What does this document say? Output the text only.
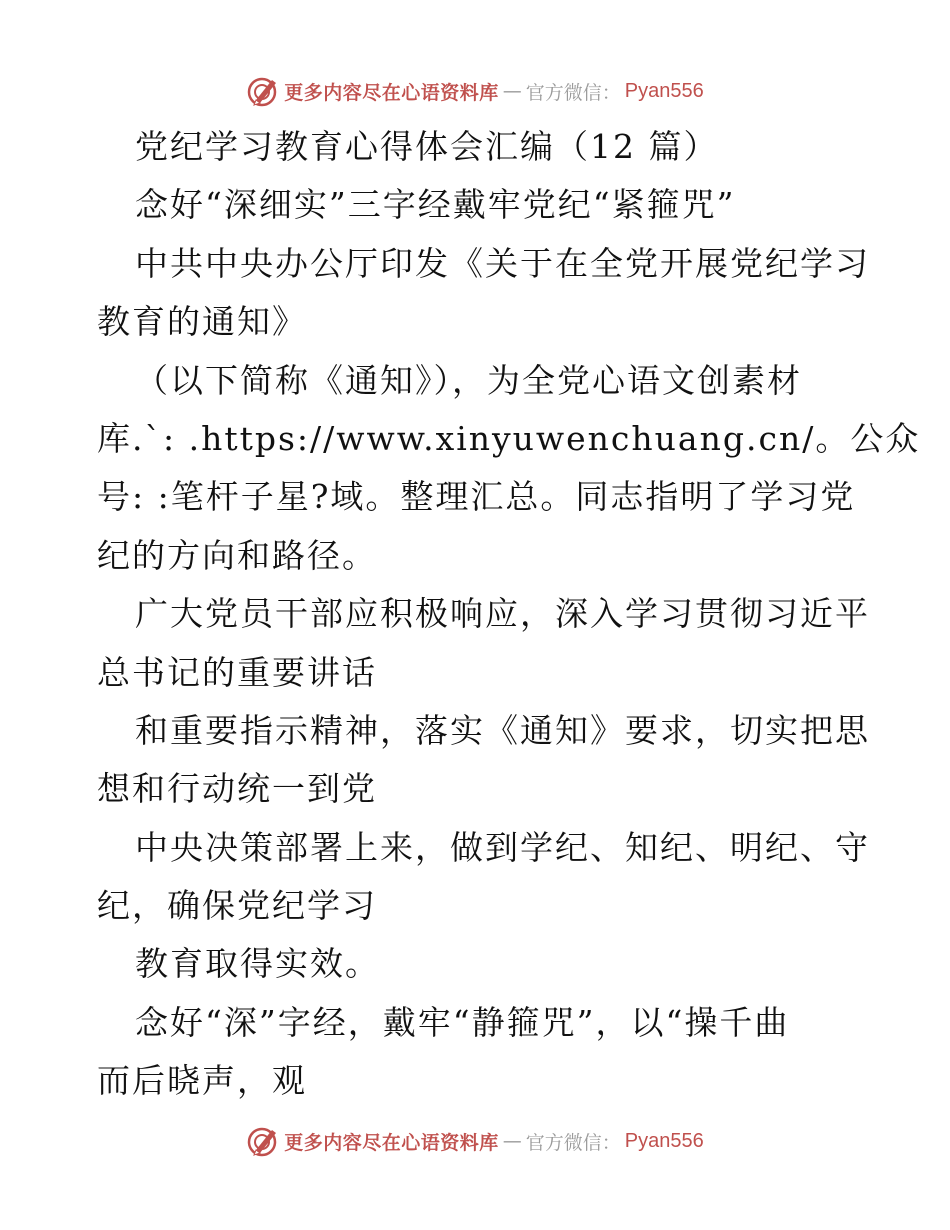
更多内容尽在心语资料库 — 官方微信： Pyan556

党纪学习教育心得体会汇编（12 篇）

念好“深细实”三字经戴牢党纪“紧箍咒”

中共中央办公厅印发《关于在全党开展党纪学习

教育的通知》

（以下简称《通知》），为全党心语文创素材

库.`: .https://www.xinyuwenchuang.cn/。公众

号: :笔杆子星?域。整理汇总。同志指明了学习党

纪的方向和路径。

广大党员干部应积极响应，深入学习贯彻习近平

总书记的重要讲话

和重要指示精神，落实《通知》要求，切实把思

想和行动统一到党

中央决策部署上来，做到学纪、知纪、明纪、守

纪，确保党纪学习

教育取得实效。

念好“深”字经，戴牢“静箍咒”，以“操千曲

而后晓声，观

更多内容尽在心语资料库 — 官方微信： Pyan556
